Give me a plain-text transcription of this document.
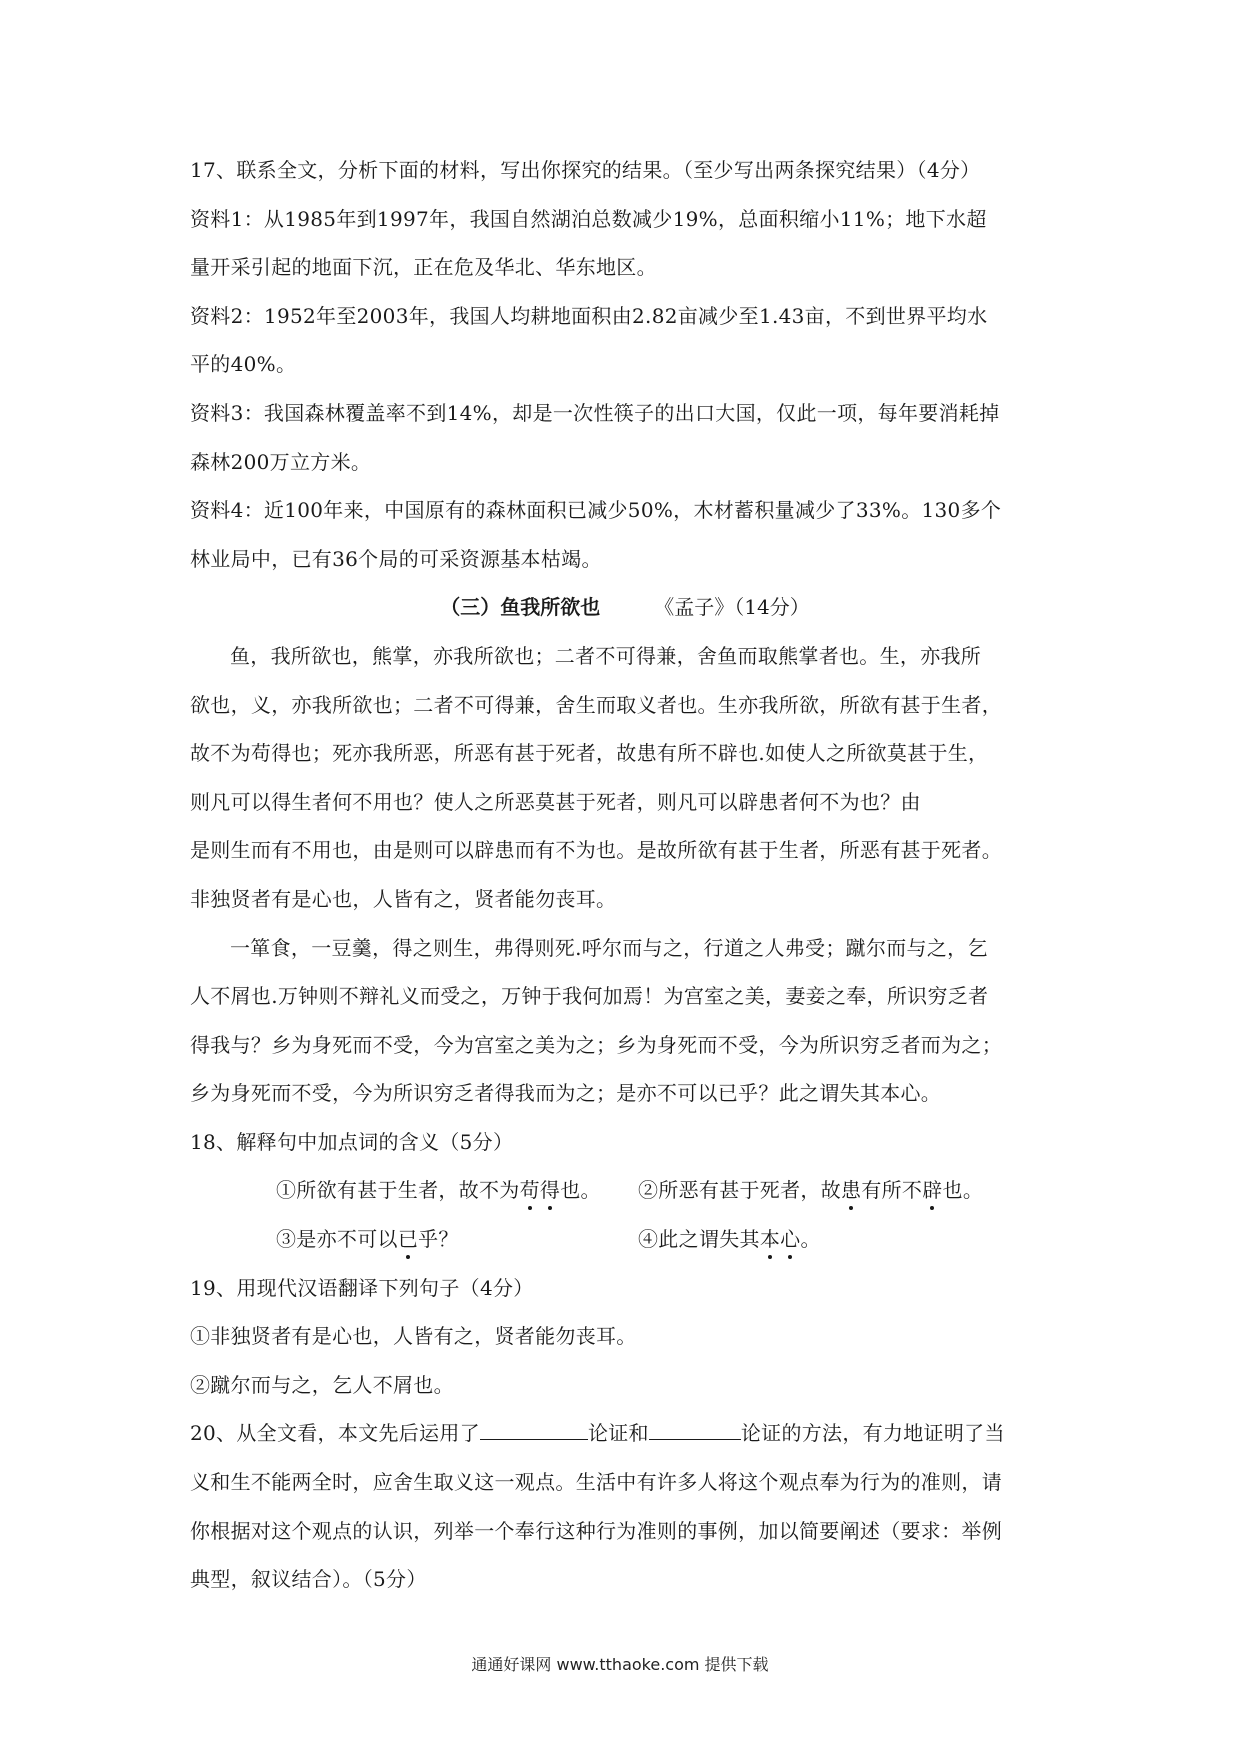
17、联系全文，分析下面的材料，写出你探究的结果。（至少写出两条探究结果）（4分）

资料1：从1985年到1997年，我国自然湖泊总数减少19%，总面积缩小11%；地下水超

量开采引起的地面下沉，正在危及华北、华东地区。

资料2：1952年至2003年，我国人均耕地面积由2.82亩减少至1.43亩，不到世界平均水

平的40%。

资料3：我国森林覆盖率不到14%，却是一次性筷子的出口大国，仅此一项，每年要消耗掉

森林200万立方米。

资料4：近100年来，中国原有的森林面积已减少50%，木材蓄积量减少了33%。130多个

林业局中，已有36个局的可采资源基本枯竭。

（三）鱼我所欲也	《孟子》（14分）

鱼，我所欲也，熊掌，亦我所欲也；二者不可得兼，舍鱼而取熊掌者也。生，亦我所

欲也，义，亦我所欲也；二者不可得兼，舍生而取义者也。生亦我所欲，所欲有甚于生者，

故不为苟得也；死亦我所恶，所恶有甚于死者，故患有所不辟也.如使人之所欲莫甚于生，

则凡可以得生者何不用也？使人之所恶莫甚于死者，则凡可以辟患者何不为也？由

是则生而有不用也，由是则可以辟患而有不为也。是故所欲有甚于生者，所恶有甚于死者。

非独贤者有是心也，人皆有之，贤者能勿丧耳。

一箪食，一豆羹，得之则生，弗得则死.呼尔而与之，行道之人弗受；蹴尔而与之，乞

人不屑也.万钟则不辩礼义而受之，万钟于我何加焉！为宫室之美，妻妾之奉，所识穷乏者

得我与？乡为身死而不受，今为宫室之美为之；乡为身死而不受，今为所识穷乏者而为之；

乡为身死而不受，今为所识穷乏者得我而为之；是亦不可以已乎？此之谓失其本心。

18、解释句中加点词的含义（5分）

①所欲有甚于生者，故不为苟
得
也。 ②所恶有甚于死者，故患
有所不辟
也。

③是亦不可以已
乎？	④此之谓失其本
心
。

19、用现代汉语翻译下列句子（4分）

①非独贤者有是心也，人皆有之，贤者能勿丧耳。

②蹴尔而与之，乞人不屑也。

20、从全文看，本文先后运用了	论证和	论证的方法，有力地证明了当

义和生不能两全时，应舍生取义这一观点。生活中有许多人将这个观点奉为行为的准则，请

你根据对这个观点的认识，列举一个奉行这种行为准则的事例，加以简要阐述（要求：举例

典型，叙议结合）。（5分）

通通好课网 www.tthaoke.com 提供下载
